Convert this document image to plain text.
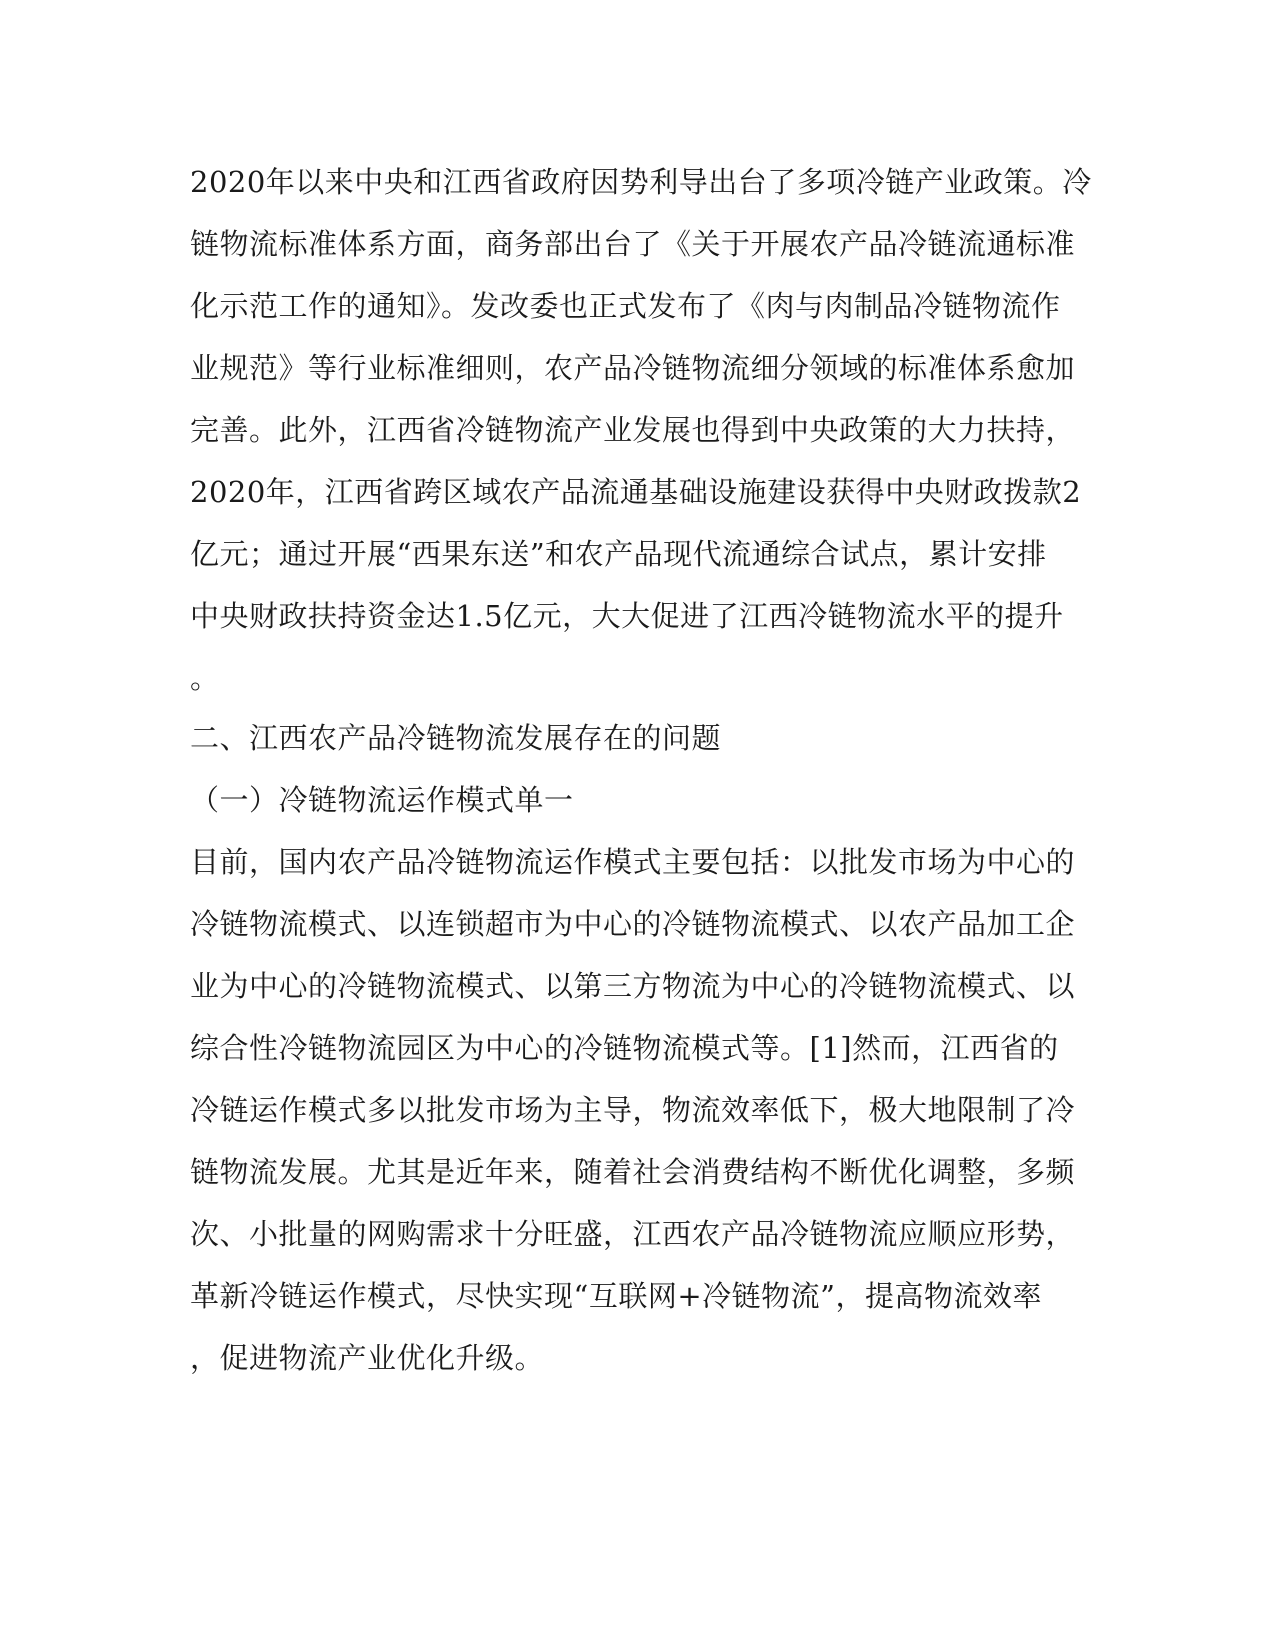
2020年以来中央和江西省政府因势利导出台了多项冷链产业政策。冷
链物流标准体系方面，商务部出台了《关于开展农产品冷链流通标准
化示范工作的通知》。发改委也正式发布了《肉与肉制品冷链物流作
业规范》等行业标准细则，农产品冷链物流细分领域的标准体系愈加
完善。此外，江西省冷链物流产业发展也得到中央政策的大力扶持，
2020年，江西省跨区域农产品流通基础设施建设获得中央财政拨款2
亿元；通过开展“西果东送”和农产品现代流通综合试点，累计安排
中央财政扶持资金达1.5亿元，大大促进了江西冷链物流水平的提升
。
二、江西农产品冷链物流发展存在的问题
（一）冷链物流运作模式单一
目前，国内农产品冷链物流运作模式主要包括：以批发市场为中心的
冷链物流模式、以连锁超市为中心的冷链物流模式、以农产品加工企
业为中心的冷链物流模式、以第三方物流为中心的冷链物流模式、以
综合性冷链物流园区为中心的冷链物流模式等。[1]然而，江西省的
冷链运作模式多以批发市场为主导，物流效率低下，极大地限制了冷
链物流发展。尤其是近年来，随着社会消费结构不断优化调整，多频
次、小批量的网购需求十分旺盛，江西农产品冷链物流应顺应形势，
革新冷链运作模式，尽快实现“互联网+冷链物流”，提高物流效率
，促进物流产业优化升级。
